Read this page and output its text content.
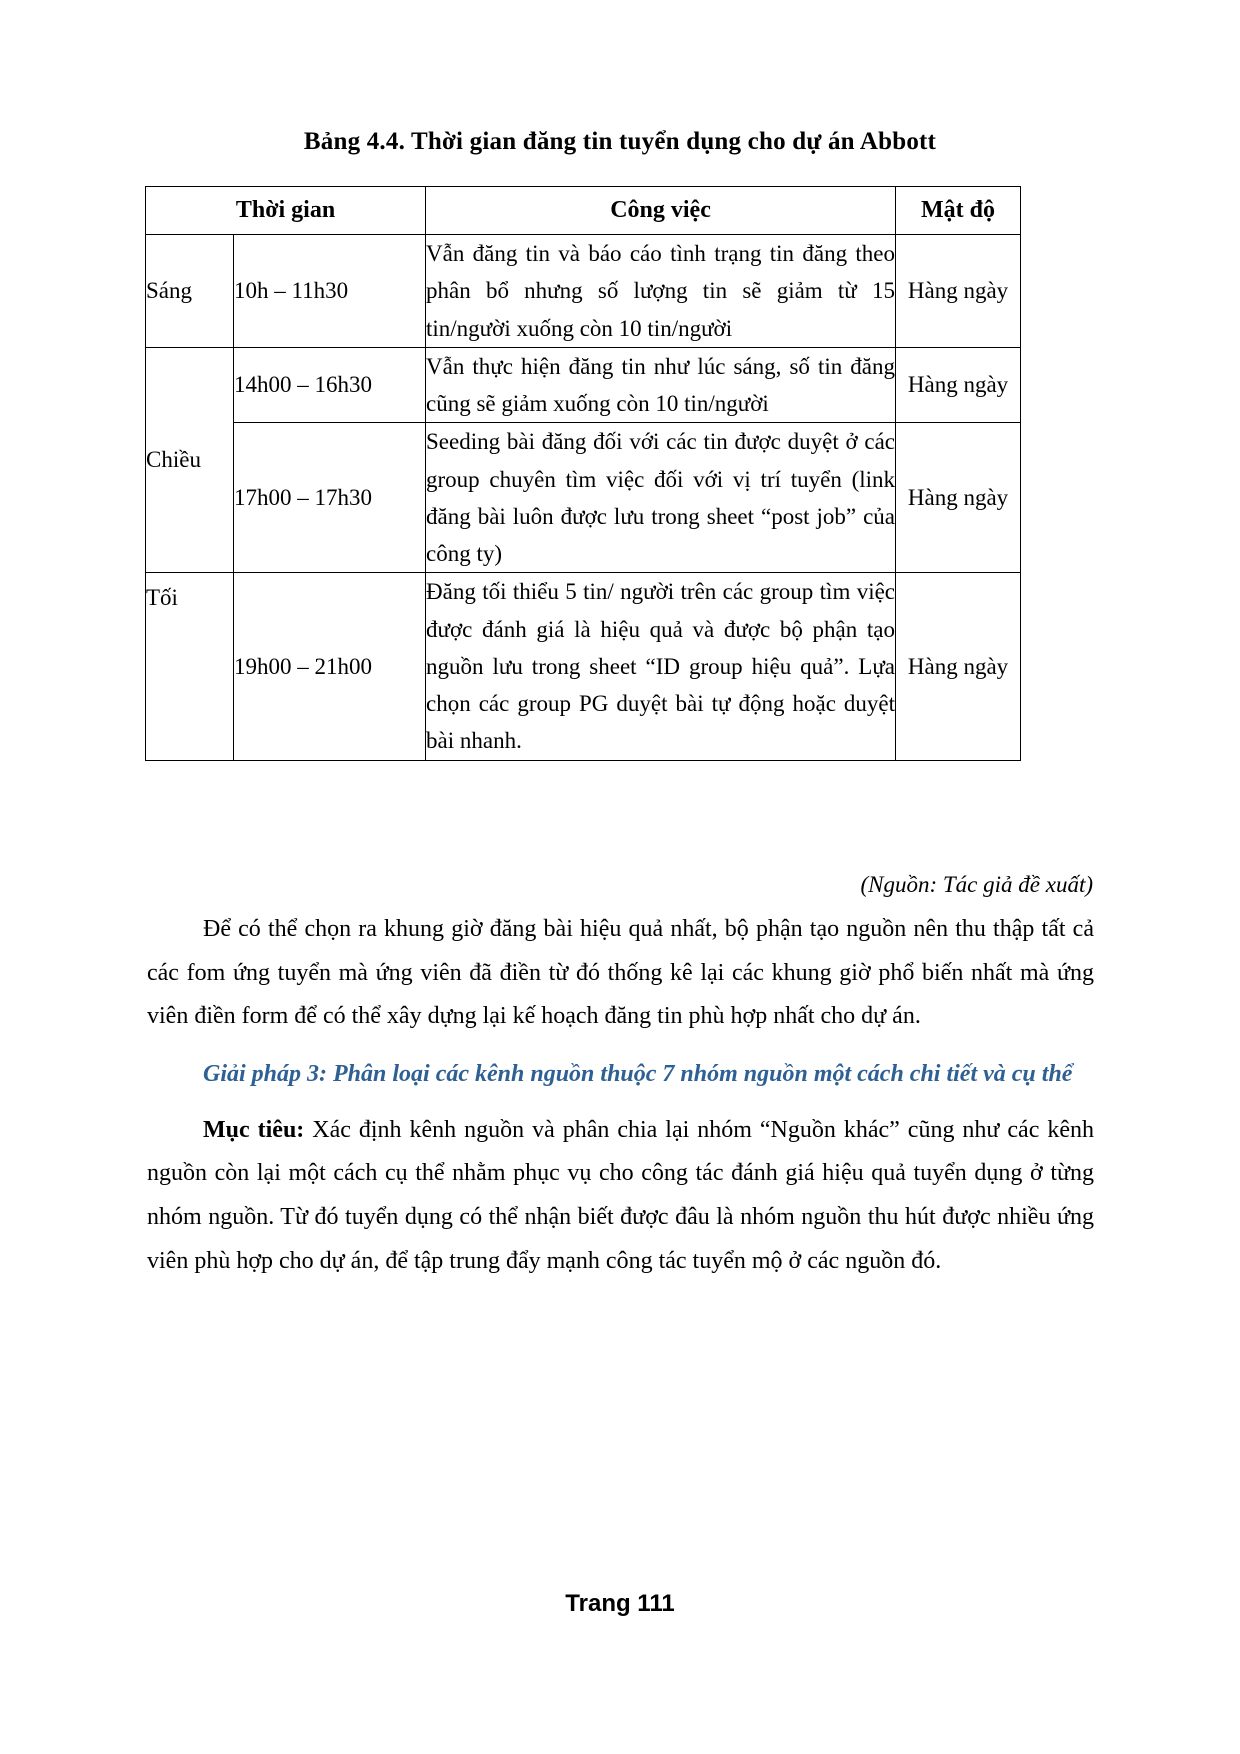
Bảng 4.4. Thời gian đăng tin tuyển dụng cho dự án Abbott
Thời gian		Công việc	Mật độ
Sáng	10h – 11h30	Vẫn đăng tin và báo cáo tình trạng tin đăng theo phân bổ nhưng số lượng tin sẽ giảm từ 15 tin/người xuống còn 10 tin/người	Hàng ngày
Chiều	14h00 – 16h30	Vẫn thực hiện đăng tin như lúc sáng, số tin đăng cũng sẽ giảm xuống còn 10 tin/người	Hàng ngày
	17h00 – 17h30	Seeding bài đăng đối với các tin được duyệt ở các group chuyên tìm việc đối với vị trí tuyển (link đăng bài luôn được lưu trong sheet “post job” của công ty)	Hàng ngày
Tối	19h00 – 21h00	Đăng tối thiểu 5 tin/ người trên các group tìm việc được đánh giá là hiệu quả và được bộ phận tạo nguồn lưu trong sheet “ID group hiệu quả”. Lựa chọn các group PG duyệt bài tự động hoặc duyệt bài nhanh.	Hàng ngày
(Nguồn: Tác giả đề xuất)

Để có thể chọn ra khung giờ đăng bài hiệu quả nhất, bộ phận tạo nguồn nên thu thập tất cả các fom ứng tuyển mà ứng viên đã điền từ đó thống kê lại các khung giờ phổ biến nhất mà ứng viên điền form để có thể xây dựng lại kế hoạch đăng tin phù hợp nhất cho dự án.

Giải pháp 3: Phân loại các kênh nguồn thuộc 7 nhóm nguồn một cách chi tiết và cụ thể

Mục tiêu: Xác định kênh nguồn và phân chia lại nhóm “Nguồn khác” cũng như các kênh nguồn còn lại một cách cụ thể nhằm phục vụ cho công tác đánh giá hiệu quả tuyển dụng ở từng nhóm nguồn. Từ đó tuyển dụng có thể nhận biết được đâu là nhóm nguồn thu hút được nhiều ứng viên phù hợp cho dự án, để tập trung đẩy mạnh công tác tuyển mộ ở các nguồn đó.

Trang 111
